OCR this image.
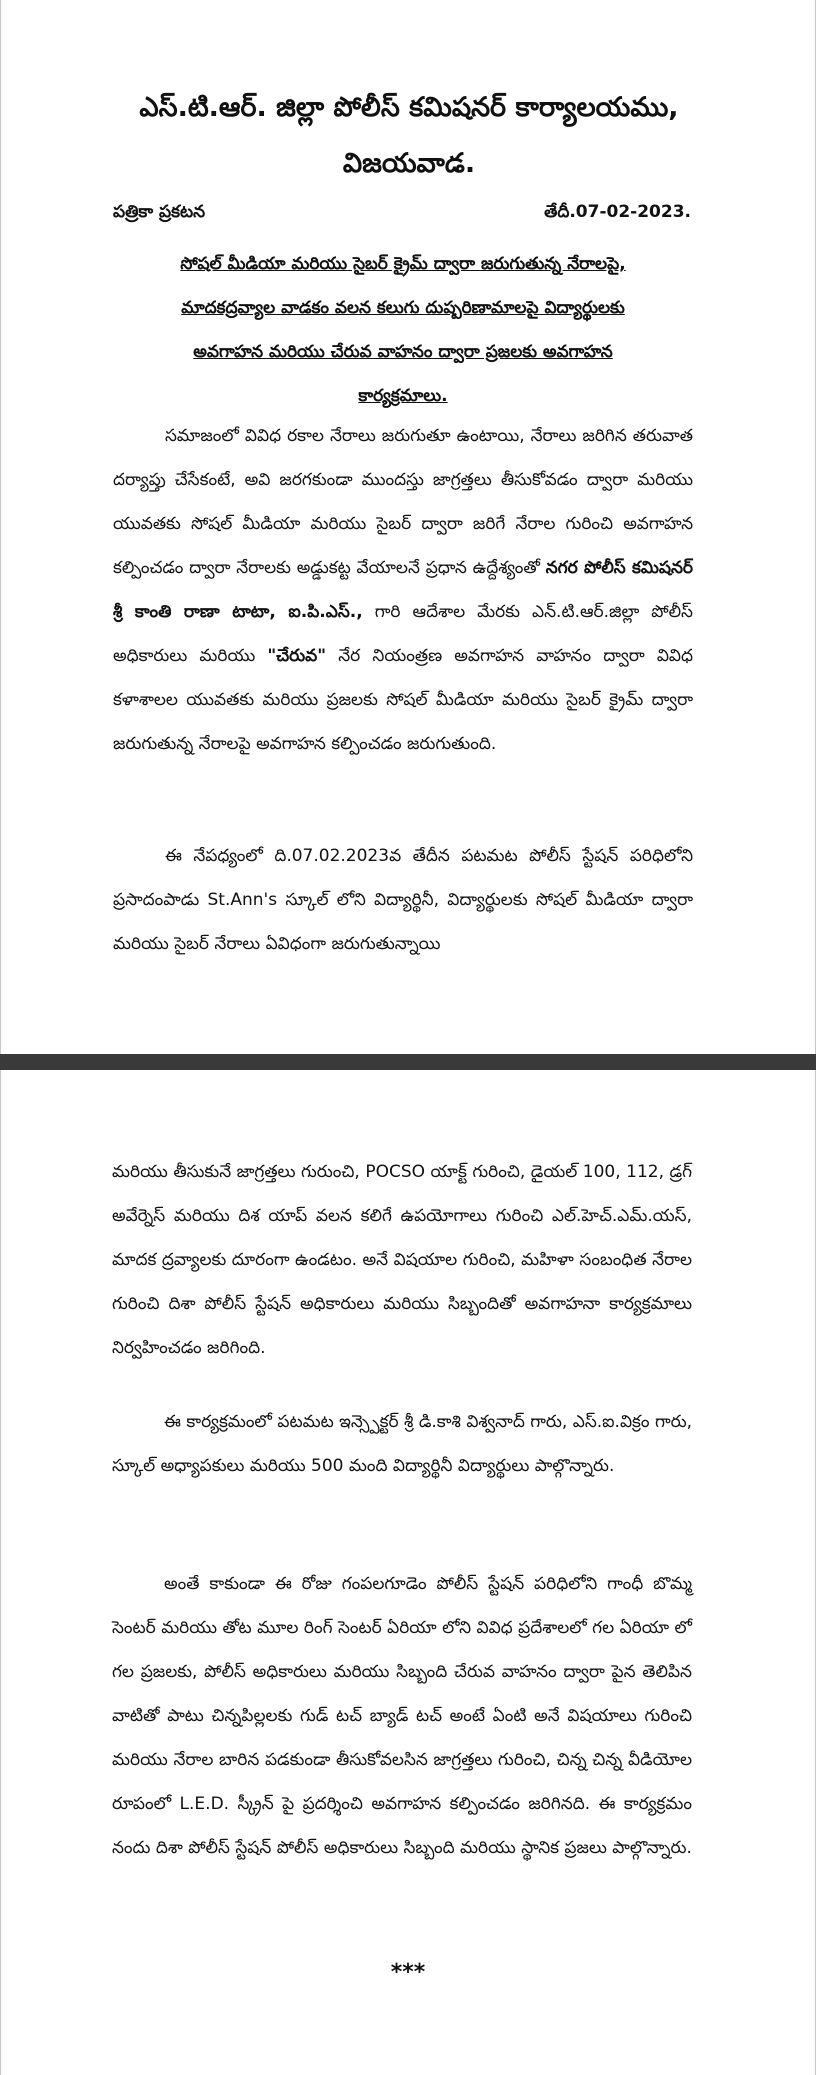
ఎస్.టి.ఆర్. జిల్లా పోలీస్ కమిషనర్ కార్యాలయము,
విజయవాడ.
పత్రికా ప్రకటన	తేదీ.07-02-2023.
సోషల్ మీడియా మరియు సైబర్ క్రైమ్ ద్వారా జరుగుతున్న నేరాలపై,
మాదకద్రవ్యాల వాడకం వలన కలుగు దుష్పరిణామాలపై విద్యార్థులకు
అవగాహన మరియు చేరువ వాహనం ద్వారా ప్రజలకు అవగాహన
కార్యక్రమాలు.
సమాజంలో వివిధ రకాల నేరాలు జరుగుతూ ఉంటాయి, నేరాలు జరిగిన తరువాత దర్యాప్తు చేసేకంటే, అవి జరగకుండా ముందస్తు జాగ్రత్తలు తీసుకోవడం ద్వారా మరియు యువతకు సోషల్ మీడియా మరియు సైబర్ ద్వారా జరిగే నేరాల గురించి అవగాహన కల్పించడం ద్వారా నేరాలకు అడ్డుకట్ట వేయాలనే ప్రధాన ఉద్దేశ్యంతో నగర పోలీస్ కమిషనర్ శ్రీ కాంతి రాణా టాటా, ఐ.పి.ఎస్., గారి ఆదేశాల మేరకు ఎన్.టి.ఆర్.జిల్లా పోలీస్ అధికారులు మరియు "చేరువ" నేర నియంత్రణ అవగాహన వాహనం ద్వారా వివిధ కళాశాలల యువతకు మరియు ప్రజలకు సోషల్ మీడియా మరియు సైబర్ క్రైమ్ ద్వారా జరుగుతున్న నేరాలపై అవగాహన కల్పించడం జరుగుతుంది.
ఈ నేపధ్యంలో ది.07.02.2023వ తేదీన పటమట పోలీస్ స్టేషన్ పరిధిలోని ప్రసాదంపాడు St.Ann's స్కూల్ లోని విద్యార్థినీ, విద్యార్థులకు సోషల్ మీడియా ద్వారా మరియు సైబర్ నేరాలు ఏవిధంగా జరుగుతున్నాయి
మరియు తీసుకునే జాగ్రత్తలు గురుంచి, POCSO యాక్ట్ గురించి, డైయల్ 100, 112, డ్రగ్ అవేర్నెస్ మరియు దిశ యాప్ వలన కలిగే ఉపయోగాలు గురించి ఎల్.హెచ్.ఎమ్.యస్, మాదక ద్రవ్యాలకు దూరంగా ఉండటం. అనే విషయాల గురించి, మహిళా సంబంధిత నేరాల గురించి దిశా పోలీస్ స్టేషన్ అధికారులు మరియు సిబ్బందితో అవగాహనా కార్యక్రమాలు నిర్వహించడం జరిగింది.
ఈ కార్యక్రమంలో పటమట ఇన్స్పెక్టర్ శ్రీ డి.కాశి విశ్వనాద్ గారు, ఎస్.ఐ.విక్రం గారు, స్కూల్ అధ్యాపకులు మరియు 500 మంది విద్యార్థినీ విద్యార్థులు పాల్గొన్నారు.
అంతే కాకుండా ఈ రోజు గంపలగూడెం పోలీస్ స్టేషన్ పరిధిలోని గాంధీ బొమ్మ సెంటర్ మరియు తోట మూల రింగ్ సెంటర్ ఏరియా లోని వివిధ ప్రదేశాలలో గల ఏరియా లో గల ప్రజలకు, పోలీస్ అధికారులు మరియు సిబ్బంది చేరువ వాహనం ద్వారా పైన తెలిపిన వాటితో పాటు చిన్నపిల్లలకు గుడ్ టచ్ బ్యాడ్ టచ్ అంటే ఏంటి అనే విషయాలు గురించి మరియు నేరాల బారిన పడకుండా తీసుకోవలసిన జాగ్రత్తలు గురించి, చిన్న చిన్న వీడియోల రూపంలో L.E.D. స్క్రీన్ పై ప్రదర్శించి అవగాహన కల్పించడం జరిగినది. ఈ కార్యక్రమం నందు దిశా పోలీస్ స్టేషన్ పోలీస్ అధికారులు సిబ్బంది మరియు స్థానిక ప్రజలు పాల్గొన్నారు.
***
